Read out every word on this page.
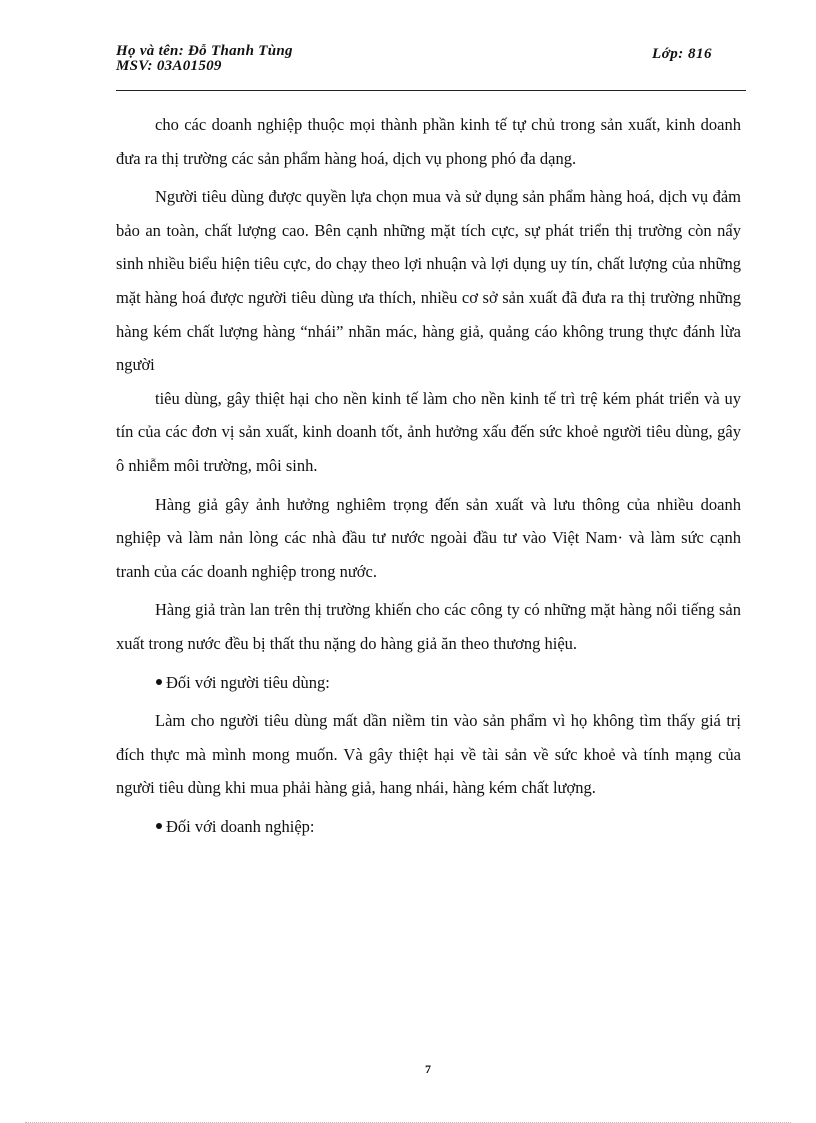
Họ và tên: Đỗ Thanh Tùng
MSV: 03A01509
Lớp: 816

cho các doanh nghiệp thuộc mọi thành phần kinh tế tự chủ trong sản xuất, kinh doanh đưa ra thị trường các sản phẩm hàng hoá, dịch vụ phong phó đa dạng.

Người tiêu dùng được quyền lựa chọn mua và sử dụng sản phẩm hàng hoá, dịch vụ đảm bảo an toàn, chất lượng cao. Bên cạnh những mặt tích cực, sự phát triển thị trường còn nẩy sinh nhiều biểu hiện tiêu cực, do chạy theo lợi nhuận và lợi dụng uy tín, chất lượng của những mặt hàng hoá được người tiêu dùng ưa thích, nhiều cơ sở sản xuất đã đưa ra thị trường những hàng kém chất lượng hàng “nhái” nhãn mác, hàng giả, quảng cáo không trung thực đánh lừa người

tiêu dùng, gây thiệt hại cho nền kinh tế làm cho nền kinh tế trì trệ kém phát triển và uy tín của các đơn vị sản xuất, kinh doanh tốt, ảnh hưởng xấu đến sức khoẻ người tiêu dùng, gây ô nhiễm môi trường, môi sinh.

Hàng giả gây ảnh hưởng nghiêm trọng đến sản xuất và lưu thông của nhiều doanh nghiệp và làm nản lòng các nhà đầu tư nước ngoài đầu tư vào Việt Nam· và làm sức cạnh tranh của các doanh nghiệp trong nước.

Hàng giả tràn lan trên thị trường khiến cho các công ty có những mặt hàng nổi tiếng sản xuất trong nước đều bị thất thu nặng do hàng giả ăn theo thương hiệu.

Đối với người tiêu dùng:

Làm cho người tiêu dùng mất dần niềm tin vào sản phẩm vì họ không tìm thấy giá trị đích thực mà mình mong muốn. Và gây thiệt hại về tài sản về sức khoẻ và tính mạng của người tiêu dùng khi mua phải hàng giả, hang nhái, hàng kém chất lượng.

Đối với doanh nghiệp:
7
